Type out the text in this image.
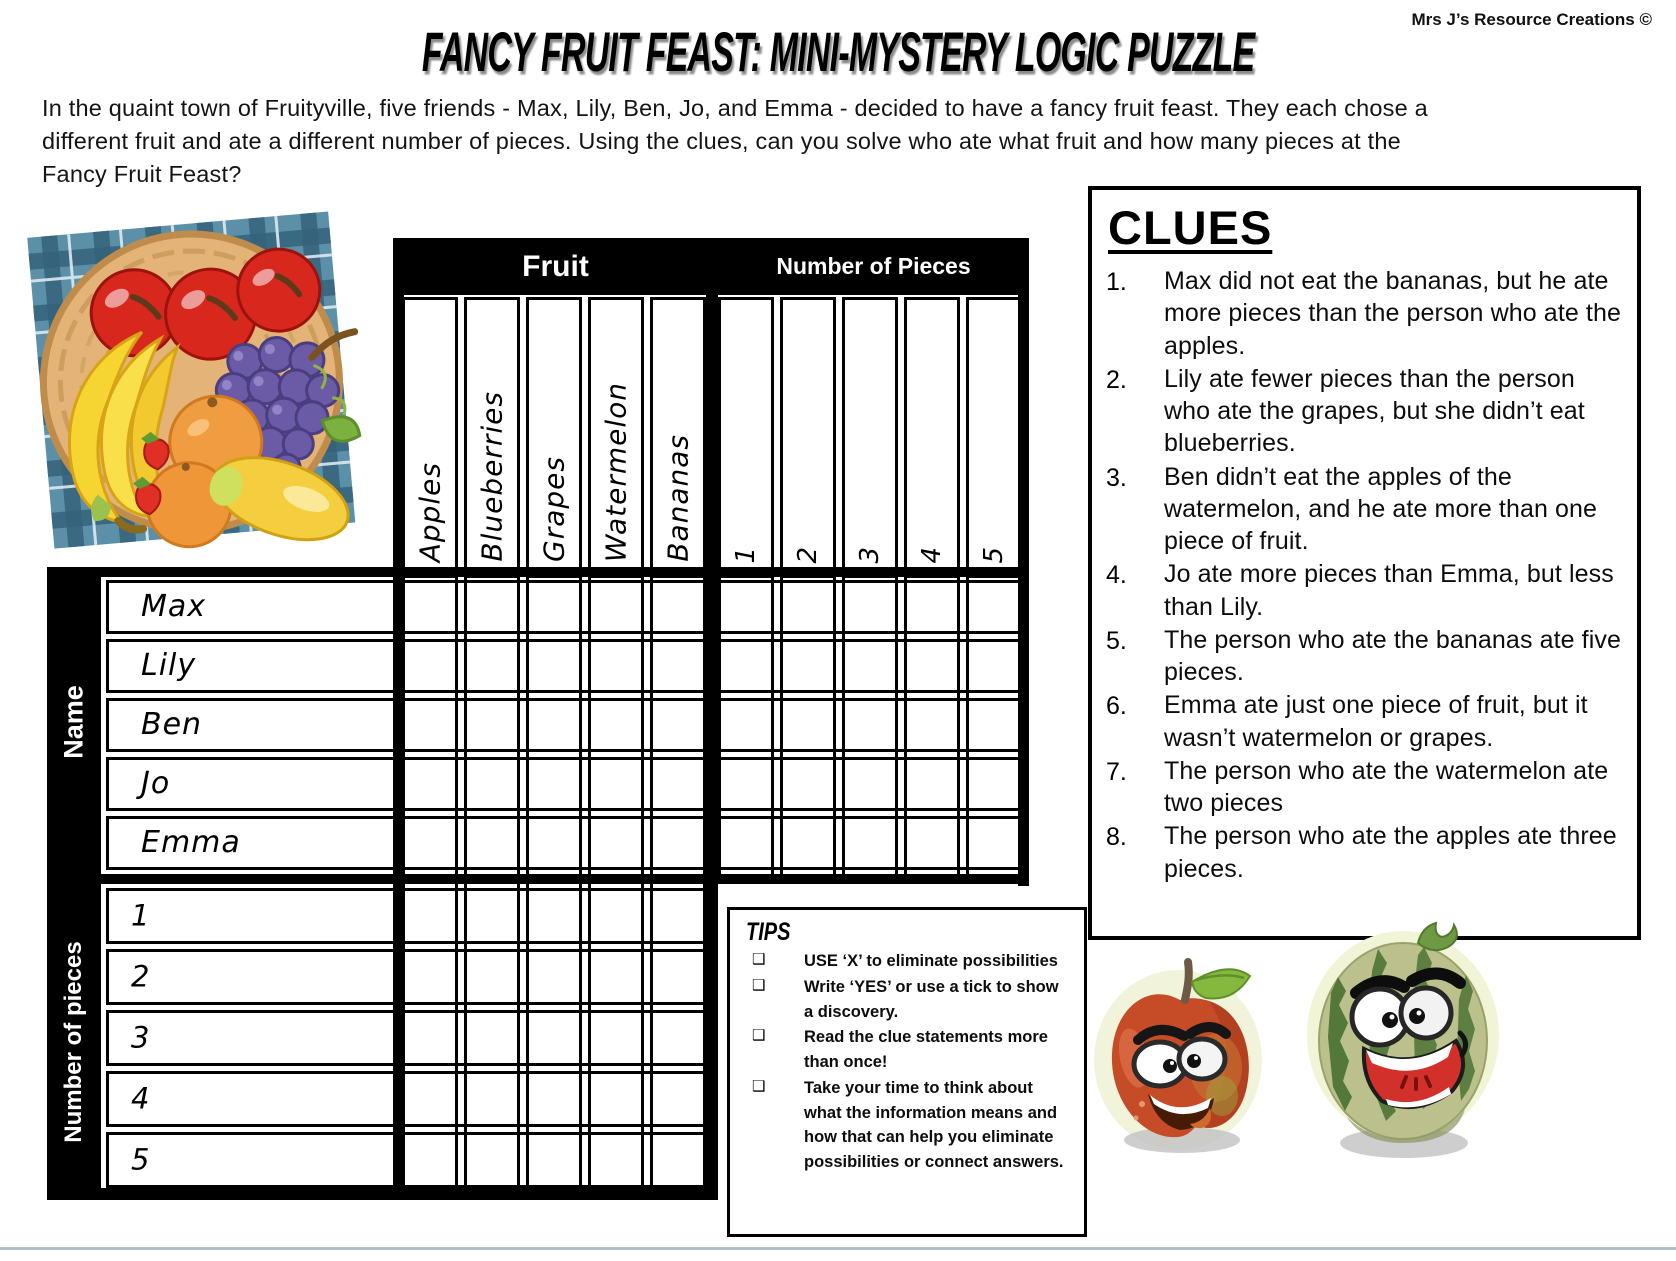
Mrs J’s Resource Creations ©
FANCY FRUIT FEAST: MINI-MYSTERY LOGIC PUZZLE
In the quaint town of Fruityville, five friends - Max, Lily, Ben, Jo, and Emma - decided to have a fancy fruit feast. They each chose a
different fruit and ate a different number of pieces. Using the clues, can you solve who ate what fruit and how many pieces at the
Fancy Fruit Feast?
Fruit	Number of Pieces
Apples Blueberries Grapes Watermelon Bananas 1 2 3 4 5
Max
Lily
Ben
Jo
Emma
1
2
3
4
5
Name
Number of pieces
CLUES
1.	Max did not eat the bananas, but he ate more pieces than the person who ate the apples.
2.	Lily ate fewer pieces than the person who ate the grapes, but she didn’t eat blueberries.
3.	Ben didn’t eat the apples of the watermelon, and he ate more than one piece of fruit.
4.	Jo ate more pieces than Emma, but less than Lily.
5.	The person who ate the bananas ate five pieces.
6.	Emma ate just one piece of fruit, but it wasn’t watermelon or grapes.
7.	The person who ate the watermelon ate two pieces
8.	The person who ate the apples ate three pieces.
TIPS
❑ USE ‘X’ to eliminate possibilities
❑ Write ‘YES’ or use a tick to show a discovery.
❑ Read the clue statements more than once!
❑ Take your time to think about what the information means and how that can help you eliminate possibilities or connect answers.
